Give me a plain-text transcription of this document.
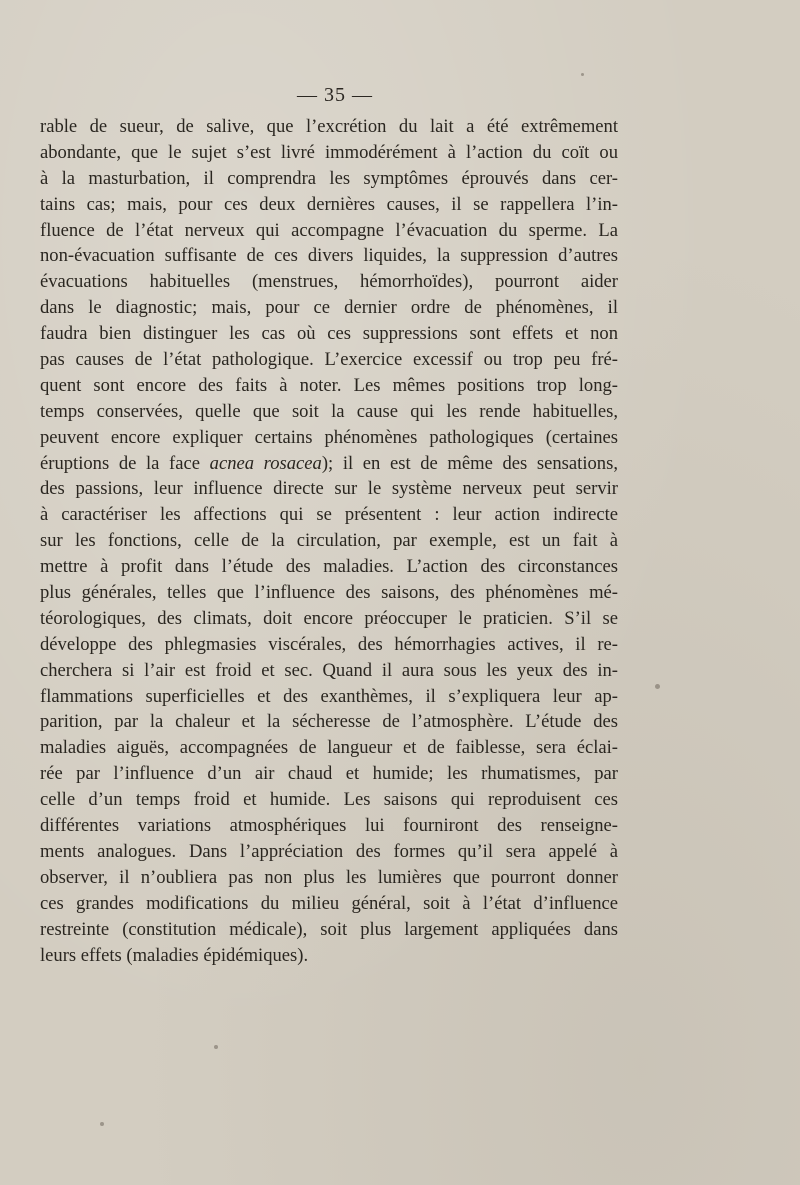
— 35 —
rable de sueur, de salive, que l’excrétion du lait a été extrêmement
abondante, que le sujet s’est livré immodérément à l’action du coït ou
à la masturbation, il comprendra les symptômes éprouvés dans cer-
tains cas; mais, pour ces deux dernières causes, il se rappellera l’in-
fluence de l’état nerveux qui accompagne l’évacuation du sperme. La
non-évacuation suffisante de ces divers liquides, la suppression d’autres
évacuations habituelles (menstrues, hémorrhoïdes), pourront aider
dans le diagnostic; mais, pour ce dernier ordre de phénomènes, il
faudra bien distinguer les cas où ces suppressions sont effets et non
pas causes de l’état pathologique. L’exercice excessif ou trop peu fré-
quent sont encore des faits à noter. Les mêmes positions trop long-
temps conservées, quelle que soit la cause qui les rende habituelles,
peuvent encore expliquer certains phénomènes pathologiques (certaines
éruptions de la face acnea rosacea); il en est de même des sensations,
des passions, leur influence directe sur le système nerveux peut servir
à caractériser les affections qui se présentent : leur action indirecte
sur les fonctions, celle de la circulation, par exemple, est un fait à
mettre à profit dans l’étude des maladies. L’action des circonstances
plus générales, telles que l’influence des saisons, des phénomènes mé-
téorologiques, des climats, doit encore préoccuper le praticien. S’il se
développe des phlegmasies viscérales, des hémorrhagies actives, il re-
cherchera si l’air est froid et sec. Quand il aura sous les yeux des in-
flammations superficielles et des exanthèmes, il s’expliquera leur ap-
parition, par la chaleur et la sécheresse de l’atmosphère. L’étude des
maladies aiguës, accompagnées de langueur et de faiblesse, sera éclai-
rée par l’influence d’un air chaud et humide; les rhumatismes, par
celle d’un temps froid et humide. Les saisons qui reproduisent ces
différentes variations atmosphériques lui fourniront des renseigne-
ments analogues. Dans l’appréciation des formes qu’il sera appelé à
observer, il n’oubliera pas non plus les lumières que pourront donner
ces grandes modifications du milieu général, soit à l’état d’influence
restreinte (constitution médicale), soit plus largement appliquées dans
leurs effets (maladies épidémiques).
